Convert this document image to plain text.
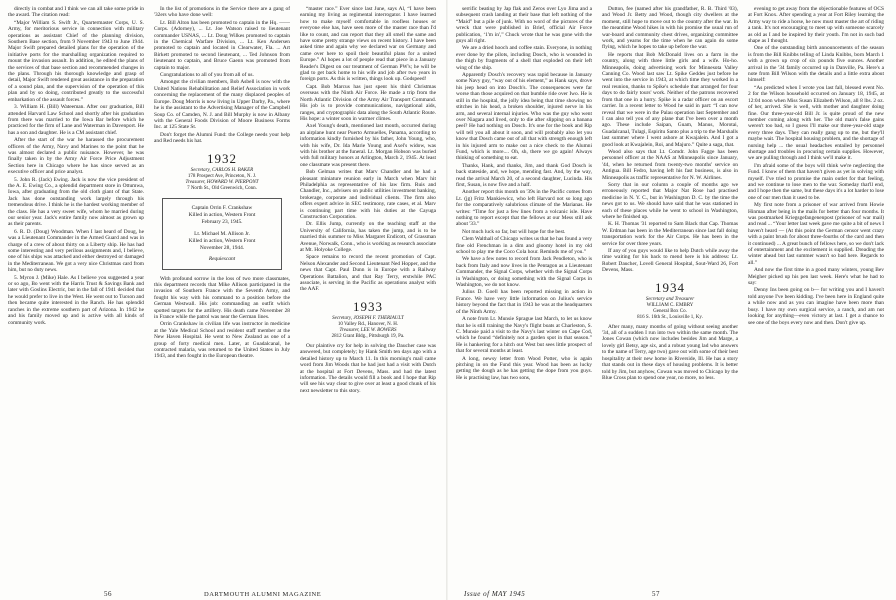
directly in combat and I think we can all take some pride in the award. The citation read:

“Major William S. Swift Jr., Quartermaster Corps, U. S. Army, for meritorious service in connection with military operations as assistant Chief of the planning division, Southern Base section, from 9 November 1943 to June 1944. Major Swift prepared detailed plans for the operation of the initiative ports for the marshalling organization required to mount the invasion assault. In addition, he edited the plans of the services of that base section and recommended changes in the plans. Through his thorough knowledge and grasp of detail, Major Swift rendered great assistance in the preparation of a sound plan, and the supervision of the operation of this plan and by so doing, contributed greatly to the successful embarkation of the assault forces.”

3. William H. (Bill) Wateeman. After our graduation, Bill attended Harvard Law School and shortly after his graduation from there was married to the Iowa Bar before which he practiced for the firm of Lane and Waterman in Davenport. He has a son and daughter. He is a CM assistant chief.

After the start of the war he harassed the procurement officers of the Army, Navy and Marines to the point that he was almost declared a public nuisance. However, he was finally taken in by the Army Air Force Price Adjustment Section here in Chicago where he has since served as an executive officer and price analyst.

5. John R. (Jack) Ewing. Jack is now the vice president of the A. E. Ewing Co., a splendid department store in Ottumwa, Iowa, after graduating from the old cloth giant of that State. Jack has done outstanding work largely through his tremendous drive. I think he is the hardest working member of the class. He has a very sweet wife, whom he married during our senior year. Jack's entire family now almost as grown up as their parents.

6. R. D. (Doug) Woodman. When I last heard of Doug, he was a Lieutenant Commander in the Armed Guard and was in charge of a crew of about thirty on a Liberty ship. He has had some interesting and very perilous assignments and, I believe, one of his ships was attacked and either destroyed or damaged in the Mediterranean. We got a very nice Christmas card from him, but no duty news.

5. Myron J. (Mike) Hale. As I believe you suggested a year or so ago, Bo went with the Harris Trust & Savings Bank and later with Goslins Electric, but in the fall of 1941 decided that he would prefer to live in the West. He went out to Tucson and then became quite interested in the Ranch. He has splendid ranches in the extreme southern part of Arizona. In 1942 he and his family moved up and is active with all kinds of community work.

In the list of promotions in the Service there are a gang of '32ers who have done well:

Lt. Bill Alton has been promoted to captain in the Hq. —— Corps. (Adorney), ... Lt. Joe Watson raised to lieutenant commander USNAS, ... Lt. Doug Wilkes promoted to captain in the Chemical Warfare Division, ... Lt. Ken Andersen promoted to captain and located in Clearwater, Fla. ... Art Birkett promoted to second lieutenant, ... Ted Johnson from lieutenant to captain, and Bruce Gaenn was promoted from captain to major.

Congratulations to all of you from all of us.

Amongst the civilian members, Bob Asbell is now with the United Nations Rehabilitation and Relief Association in work concerning the replacement of the many displaced peoples of Europe. Doug Morris is now living in Upper Darby, Pa., where he is the assistant to the Advertising Manager of the Campbell Soup Co. of Camden, N. J. and Bill Murphy is now in Albany with the General Foods Division of Moore Business Forms Inc. at 125 State St.

Don't forget the Alumni Fund: the College needs your help and Red needs his hat.

1932
Secretary, CARLOS H. BAKER
178 Prospect Ave, Princeton, N. J.
Treasurer, HOWARD W. PIERPONT
7 North St., Old Greenwich, Conn.
Captain Orrin F. Crankshaw
Killed in action, Western Front
February 23, 1945.
Lt. Michael M. Allison Jr.
Killed in action, Western Front
November 28, 1944.
Requiescant

With profound sorrow in the loss of two more classmates, this department records that Mike Allison participated in the invasion of Southern France with the Seventh Army, and fought his way with his command to a position before the German Westwall. His job: commanding an outfit which spotted targets for the artillery. His death came November 28 in France while the patrol was near the German lines.

Orrin Crankshaw in civilian life was instructor in medicine at the Yale Medical School and resident staff member at the New Haven Hospital. He went to New Zealand as one of a group of forty medical men. Later, at Guadalcanal, he contracted malaria, was returned to the United States in July 1943, and then fought in the European theatre.

“master race.” Ever since last June, says Al, “I have been earning my living as regimental interrogator. I have learned how to make myself comfortable in roofless houses or everyone else has, have seen more of the master race than I'd like to count, and can report that they all smell the same and have some pretty strange views on recent history. I have been asked time and again why we declared war on Germany and came over here to spoil their beautiful plans for a united Europe.” Al hopes a lot of people read that piece in a January Reader's Digest on our treatment of German PW's; he will be glad to get back home to his wife and job after two years in foreign ports. As this is written, things look up. Godspeed!

Capt. Bob Marcus has just spent his third Christmas overseas with the Ninth Air Force. He made a trip from the North Atlantic Division of the Army Air Transport Command. His job is to provide communications, navigational aids, ranges, and cryptographic data along the South Atlantic Route. His hope: a winter soon in warmer climes.

Axel Young's death, mentioned last month, occurred during an airplane hunt near Puerto Armuelles, Panama, according to information kindly furnished by his father, John Young, who, with his wife, Dr. Ida Marie Young and Axel's widow, was with his brother at the funeral. Lt. Morgan Hobson was buried with full military honors at Arlington, March 2, 1945. At least one classmate was present there.

Bob Gelman writes that Marv Chandler and he had a pleasant miniature reunion early in March when Marv hit Philadelphia as representative of his law firm. Ruis and Chandler, Inc., advisers on public utilities investment banking, brokerage, corporate and individual clients. The firm also offers expert advice in SEC testimony, rate cases, et al. Marv is continuing part time with his duties at the Cayuga Construction Corporation.

Dr. Ellis Jump, currently on the teaching staff at the University of California, has taken the jump, and is to be married this summer to Miss Margaret Endicott, of Grassman Avenue, Norwalk, Conn., who is working as research associate at Mt. Holyoke College.

Space remains to record the recent promotion of Capt. Nelson Alexander and Second Lieutenant Ned Hopper, and the news that Capt. Paul Dunn is in Europe with a Railway Operations Battalion, and that Ray Terry, erstwhile PAC associate, is serving in the Pacific as operations analyst with the AAF.

1933
Secretary, JOSEPH F. THERIAULT
10 Valley Rd., Hanover, N. H.
Treasurer, LEE W. BOWERS
2812 Grant Bldg., Pittsburgh 19, Pa.

Our plaintive cry for help in solving the Daucher case was answered, but completely; by Hank Smith ten days ago with a detailed history up to March 11. In this morning's mail came word from Jim Woods that he had just had a visit with Dutch at the hospital at Fort Devens, Mass. and had the latest information. The details would fill a book and I hope that Rip will see his way clear to give over at least a good chunk of his next newsletter to this story.

56	DARTMOUTH ALUMNI MAGAZINE

serrific beating by Jap flak and Zeros over Lyo Jima and a subsequent crash landing at their base that left nothing of the “Maid” but a pile of junk. With no word of the pictures of the wreck that were published in Brief, official Air Force publication, ‘1'm in',” Chuck wrote that he was gone with the guys all right.

We are a dried hooch and coffee stain. Everyone, in nothing ever done by the pilots, including Dosch, who is wounded in the thigh by fragments of a shell that exploded on their left wing of the ship.

Apparently Dosch's recovery was rapid because in January some Navy guy, “way out of his element,” as Hank says, drove his jeep head on into Dosch's. The consequences were far worse than those acquired on that bumble ride over Iwo. He is still in the hospital, the jolly idea being that time showing no stitches in his head, a broken shoulder, injured nerve in his arm, and several internal injuries. Who was the guy who went over Niagara and lived, only to die after slipping on a banana peel? He had nothing on Dosch. It's one for the book and Rip will tell you all about it soon, and will probably also let you know that Dosch came out of all that with strength enough left in his injured arm to make out a nice check to the Alumni Fund, which is more.... Oh, sh, there we go again! Always thinking of something to eat.

Thanks, Hank, and thanks, Jim, and thank God Dosch is back stateside, and, we hope, mending fast. And, by the way, read the arrival March 20, of a second daughter, Lucinda. His first, Susan, is now five and a half.

Another report this month on '39s in the Pacific comes from Lt. (jg) Fritz Mankiewicz, who left Harvard not so long ago for the comparatively salubrious climate of the Marianas. He writes: “Time for just a few lines from a volcanic isle. Have nothing to report except that the fellows at our Mess still ask about '33.”

Not much luck so far, but will hope for the best.

Clem Walthall of Chicago writes us that he has found a very fine old Frenchman in a dim and gloomy hotel in my old school to play me the Coco Cola hour. Reminds me of you.”

We have a few notes to record from Jack Pendleton, who is back from Italy and now lives in the Pentagon as a Lieutenant Commander, the Signal Corps, whether with the Signal Corps in Washington, or doing something with the Signal Corps in Washington, we do not know.

Julius D. Goell has been reported missing in action in France. We have very little information on Julius's service history beyond the fact that in 1943 he was at the headquarters of the Ninth Army.

A note from Lt. Munsie Sprague last March, to let us know that he is still training the Navy's flight boats at Charleston, S. C. Munsie paid a visit to the Navy's last winter on Cape Cod, which he found “definitely not a garden spot in that season.” He is hankering for a hitch out West but sees little prospect of that for several months at least.

A long, newsy letter from Wood Potter, who is again pitching in on the Fund this year. Wood has been as lucky getting the dough as he has getting the dope from you guys. He is practising law, has two sons,

Dutton, fee (named after his grandfather, R. B. Third '03), and Wood Jr. Betty and Wood, though city dwellers at the moment, still hope to move out to the country after the war. In the meantime Wood hikes in with his promise the usual run of war-board and community chest drives, organizing committee work, and yearns for the time when he can again do some flying, which he hopes to take up before the war.

He reports that Bob McDonald lives on a farm in the country, along with three little girls and a wife. Ho-ho. Minneapolis, doing advertising work for Minnesota Valley Canning Co. Wood last saw Lt. Spike Geddes just before he went into the service in 1943, at which time they worked in a real reunion, thanks to Spike's schedule that arranged for four days to do fairly tours' work. Neither of the patrons recovered from that one in a hurry. Spike is a radar officer on an escort carrier. In a recent letter to Wood he said in part: “I can now reveal that we were in the Palau operation last September and I can also tell you of any plane that I've been over a month ago. These include Saipan, Guam, Manus, Morotai, Guadalcanal, Tulagi, Espiritu Santo plus a trip to the Marshalls last summer where I went ashore at Kwajalein. And I got a good look at Kwajalein, Roi, and Majuro.” Quite a saga, that.

Wood also says that Lt. Comdr. John Fagge has been personnel officer at the NAAS at Minneapolis since January, '44, when he returned from twenty-two months' service on Antigua. Bill Fedro, having left his fast business, is also in Minneapolis as traffic representative for N. W. Airlines.

Sorry that in our column a couple of months ago we erroneously reported that Major Nat Rose had practised medicine in N. Y. C., but in Washington D. C. by the time the news got to us. We should have said that he was stationed in each of these places while he went to school in Washington, where he finished up.

K. H. Thomas '31 reported to Sam Black that Cap. Thomas W. Erdman has been in the Mediterranean since last fall doing transportation work for the Air Corps. He has been in the service for over three years.

If any of you guys would like to help Dutch while away the time waiting for his back to mend here is his address: Lt. Robert Daucher, Lovell General Hospital, Sout-Ward 26, Fort Devens, Mass.

1934
Secretary and Treasurer
WILLIAM C. EMBRY
General Box Co.
816 S. 16th St., Louisville 1, Ky.

After many, many months of going without seeing another '34, all of a sudden I run into two within the same month. The Jones Cowan (which now includes besides Jim and Marge, a lovely girl Betsy, age six, and a robust young lad who answers to the name of Terry, age two) gave out with some of their best hospitality at their new home in Riverside, Ill. He has a story that stands out in these days of housing problems. It is better told by Jim, but anyhow, Cowan was moved to Chicago by the Blue Cross plan to spend one year, no more, no less.

evening to get away from the objectionable features of OCS at Fort Knox. After spending a year at Fort Riley learning the Army way to ride a horse, he now must master the art of riding a tank. It's not encouraging to meet up with someone scarcely as old as I and be inspired by their youth. I'm not in such bad shape as I thought.

One of the outstanding birth announcements of the season is from the Bill Knibbs telling of Linda Knibbs, born March 1 with a grown up crop of six pounds five ounces. Another arrival in the '34 family occurred up in Danville, Pa. Here's a note from Bill Wilson with the details and a little extra about himself:

“As predicted when I wrote you last fall, blessed event No. 2 for the Wilson household occurred on January 18, 1945, at 12:04 noon when Miss Susan Elizabeth Wilson, all 8 lbs. 2 oz. of her, arrived. She is well, with mother and daughter doing fine. Our three-year-old Bill Jr. is quite proud of the new member coming along with her. The old man's false gains weren't too bad, so I guess I'll make our three-year-old stage every three days. They can really gang up to me, but they'll maybe wait. The hospital housing problem, and the shortage of nursing help ... the usual headaches entailed by personnel shortage and troubles in procuring certain supplies. However, we are pulling through and I think we'll make it.

I'm afraid some of the boys will think we're neglecting the Fund. I know of them that haven't given as yet in solving with myself. I've tried to promise the main outlet for that feeling, and we continue to lose men to the war. Someday that'll end, and I hope then the same, but these days it's a lot harder to lose one of our men than it used to be.

My first note from a prisoner of war arrived from Howie Hinman after being in the mails for better than four months. It was postmarked Kriegsgefangenenpost (prisoner of war mail) and read ... “Your letter last week gave me quite a bit of news I haven't heard — (At this point the German censor went crazy with a paint brush for about three-fourths of the card and then it continued) ... A great bunch of fellows here, so we don't lack of entertainment and the excitement is supplied. Dreading the winter ahead but last summer wasn't so bad here. Regards to all.”

And now the first time in a good many winters, young Bev Meigher picked up his pen last week. Here's what he had to say:

Denny Ins been going on b— for writing you and I haven't told anyone I've been kidding. I've been here in England quite a while now and as you can imagine have been more than busy. I have my own surgical service, a ranch, and am not looking for anything—even victory at last. I get a chance to see one of the boys every now and then. Don't give up.

Issue of MAY 1945	57
